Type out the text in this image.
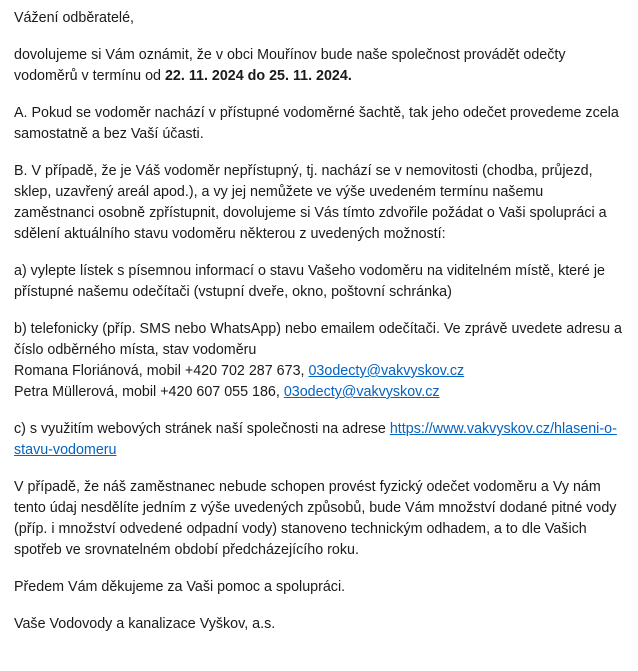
Vážení odběratelé,

dovolujeme si Vám oznámit, že v obci Mouřínov bude naše společnost provádět odečty vodoměrů v termínu od 22. 11. 2024 do 25. 11. 2024.

A. Pokud se vodoměr nachází v přístupné vodoměrné šachtě, tak jeho odečet provedeme zcela samostatně a bez Vaší účasti.

B. V případě, že je Váš vodoměr nepřístupný, tj. nachází se v nemovitosti (chodba, průjezd, sklep, uzavřený areál apod.), a vy jej nemůžete ve výše uvedeném termínu našemu zaměstnanci osobně zpřístupnit, dovolujeme si Vás tímto zdvořile požádat o Vaši spolupráci a sdělení aktuálního stavu vodoměru některou z uvedených možností:

a) vylepte lístek s písemnou informací o stavu Vašeho vodoměru na viditelném místě, které je přístupné našemu odečítači (vstupní dveře, okno, poštovní schránka)

b) telefonicky (příp. SMS nebo WhatsApp) nebo emailem odečítači. Ve zprávě uvedete adresu a číslo odběrného místa, stav vodoměru
Romana Floriánová, mobil +420 702 287 673, 03odecty@vakvyskov.cz
Petra Müllerová, mobil +420 607 055 186, 03odecty@vakvyskov.cz

c) s využitím webových stránek naší společnosti na adrese https://www.vakvyskov.cz/hlaseni-o-stavu-vodomeru

V případě, že náš zaměstnanec nebude schopen provést fyzický odečet vodoměru a Vy nám tento údaj nesdělíte jedním z výše uvedených způsobů, bude Vám množství dodané pitné vody (příp. i množství odvedené odpadní vody) stanoveno technickým odhadem, a to dle Vašich spotřeb ve srovnatelném období předcházejícího roku.

Předem Vám děkujeme za Vaši pomoc a spolupráci.

Vaše Vodovody a kanalizace Vyškov, a.s.
